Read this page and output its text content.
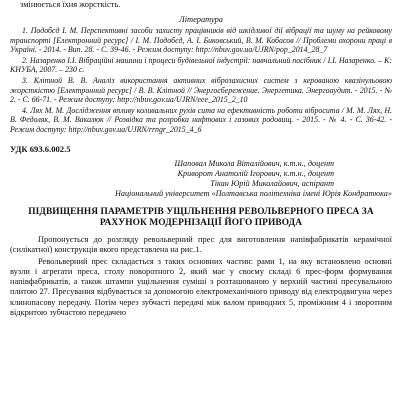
змінюється їхня жорсткість.

Література

1. Подобєд І. М. Перспективні засоби захисту працівників від шкідливої дії вібрації та шуму на рейковому транспорті [Електронний ресурс] / І. М. Подобєд, А. І. Биковський, В. М. Кобасов // Проблеми охорони праці в Україні. - 2014. - Вип. 28. - С. 39-46. - Режим доступу: http://nbuv.gov.ua/UJRN/pop_2014_28_7

2. Назаренко І.І. Вібраційні машини і процеси будівельної індустрії: навчальний посібник / І.І. Назаренко. – К: КНУБА, 2007. – 230 с.

3. Клітной В. В. Аналіз використання активних віброзахисних систем з керованою квазінульовою жорсткістю [Електронний ресурс] / В. В. Клітной // Энергосбережение. Энергетика. Энергоаудит. - 2015. - № 2. - С. 66-71. - Режим доступу: http://nbuv.gov.ua/UJRN/eee_2015_2_10

4. Лях М. М. Дослідження впливу коливальних рухів сита на ефективність роботи вібросита / М. М. Лях, Н. В. Федоляк, В. М. Вакалюк // Розвідка та розробка нафтових і газових родовищ. - 2015. - № 4. - С. 36-42. - Режим доступу: http://nbuv.gov.ua/UJRN/rrngr_2015_4_6

УДК 693.6.002.5

Шаповал Микола Віталійович, к.т.н., доцент
Криворот Анатолій Ігорович, к.т.н., доцент
Тікан Юрій Миколайович, аспірант
Національний університет «Полтавська політехніка імені Юрія Кондратюка»

ПІДВИЩЕННЯ ПАРАМЕТРІВ УЩІЛЬНЕННЯ РЕВОЛЬВЕРНОГО ПРЕСА ЗА РАХУНОК МОДЕРНІЗАЦІЇ ЙОГО ПРИВОДА

Пропонується до розгляду револьверний прес для виготовлення напівфабрикатів керамічної (силікатної) конструкція якого представлена на рис.1.

Револьверний прес складається з таких основних частин: рами 1, на яку встановлено основні вузли і агрегати преса, столу поворотного 2, який має у своєму складі 6 прес-форм формування напівфабрикатів, а також штампи ущільнення суміші з розташованою у верхній частині пресувальною плитою 27. Пресування відбувається за допомогою електромеханічного приводу від електродвигуна через клинопасову передачу. Потім через зубчасті передачі між валом приводних 5, проміжним 4 і зворотним відкритою зубчастою передачею
